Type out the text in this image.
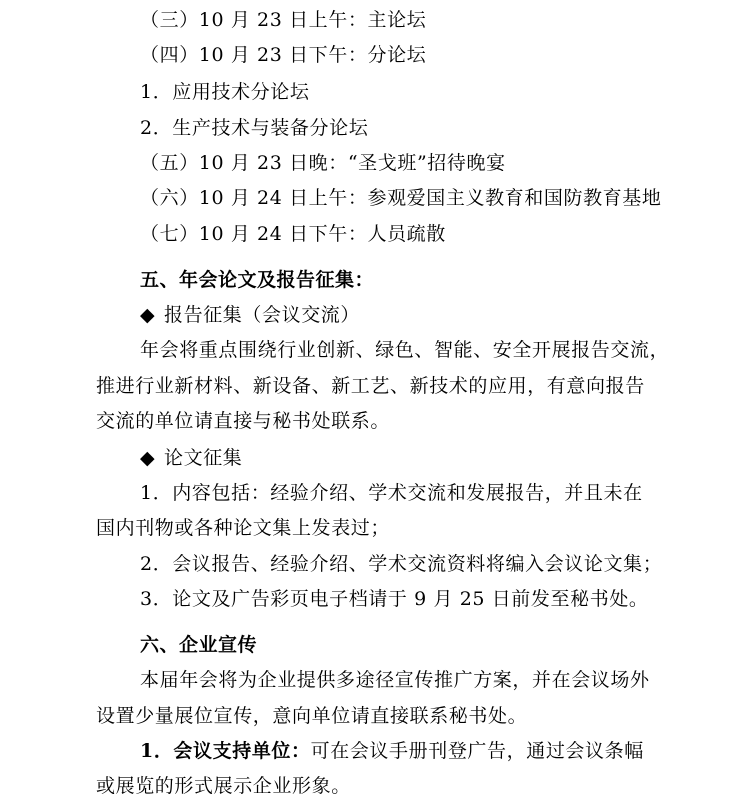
（三）10 月 23 日上午：主论坛
（四）10 月 23 日下午：分论坛
1．应用技术分论坛
2．生产技术与装备分论坛
（五）10 月 23 日晚：“圣戈班”招待晚宴
（六）10 月 24 日上午：参观爱国主义教育和国防教育基地
（七）10 月 24 日下午：人员疏散
五、年会论文及报告征集：
◆ 报告征集（会议交流）
年会将重点围绕行业创新、绿色、智能、安全开展报告交流，
推进行业新材料、新设备、新工艺、新技术的应用，有意向报告
交流的单位请直接与秘书处联系。
◆ 论文征集
1．内容包括：经验介绍、学术交流和发展报告，并且未在
国内刊物或各种论文集上发表过；
2．会议报告、经验介绍、学术交流资料将编入会议论文集；
3．论文及广告彩页电子档请于 9 月 25 日前发至秘书处。
六、企业宣传
本届年会将为企业提供多途径宣传推广方案，并在会议场外
设置少量展位宣传，意向单位请直接联系秘书处。
1．会议支持单位：可在会议手册刊登广告，通过会议条幅
或展览的形式展示企业形象。
